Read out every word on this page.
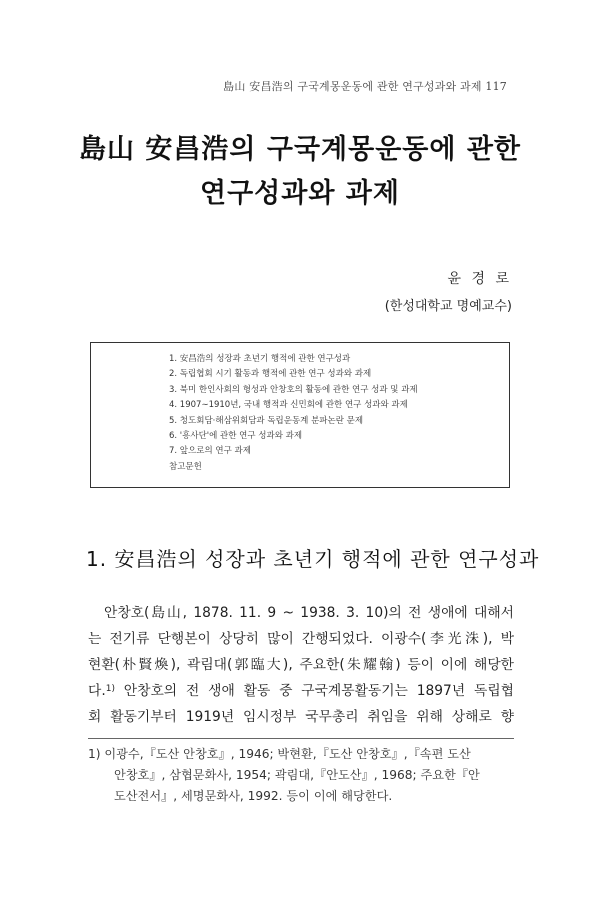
島山 安昌浩의 구국계몽운동에 관한 연구성과와 과제 117
島山 安昌浩의 구국계몽운동에 관한
연구성과와 과제
윤 경 로
(한성대학교 명예교수)
1. 安昌浩의 성장과 초년기 행적에 관한 연구성과
2. 독립협회 시기 활동과 행적에 관한 연구 성과와 과제
3. 북미 한인사회의 형성과 안창호의 활동에 관한 연구 성과 및 과제
4. 1907∼1910년, 국내 행적과 신민회에 관한 연구 성과와 과제
5. 청도회담·해삼위회담과 독립운동계 분파논란 문제
6. '흥사단'에 관한 연구 성과와 과제
7. 앞으로의 연구 과제
참고문헌
1. 安昌浩의 성장과 초년기 행적에 관한 연구성과
안창호(島山, 1878. 11. 9 ~ 1938. 3. 10)의 전 생애에 대해서
는 전기류 단행본이 상당히 많이 간행되었다. 이광수(李光洙), 박
현환(朴賢煥), 곽림대(郭臨大), 주요한(朱耀翰) 등이 이에 해당한
다.$^{1)}$ 안창호의 전 생애 활동 중 구국계몽활동기는 1897년 독립협
회 활동기부터 1919년 임시정부 국무총리 취임을 위해 상해로 향
1) 이광수,『도산 안창호』, 1946; 박현환,『도산 안창호』,『속편 도산
안창호』, 삼협문화사, 1954; 곽림대,『안도산』, 1968; 주요한『안
도산전서』, 세명문화사, 1992. 등이 이에 해당한다.
